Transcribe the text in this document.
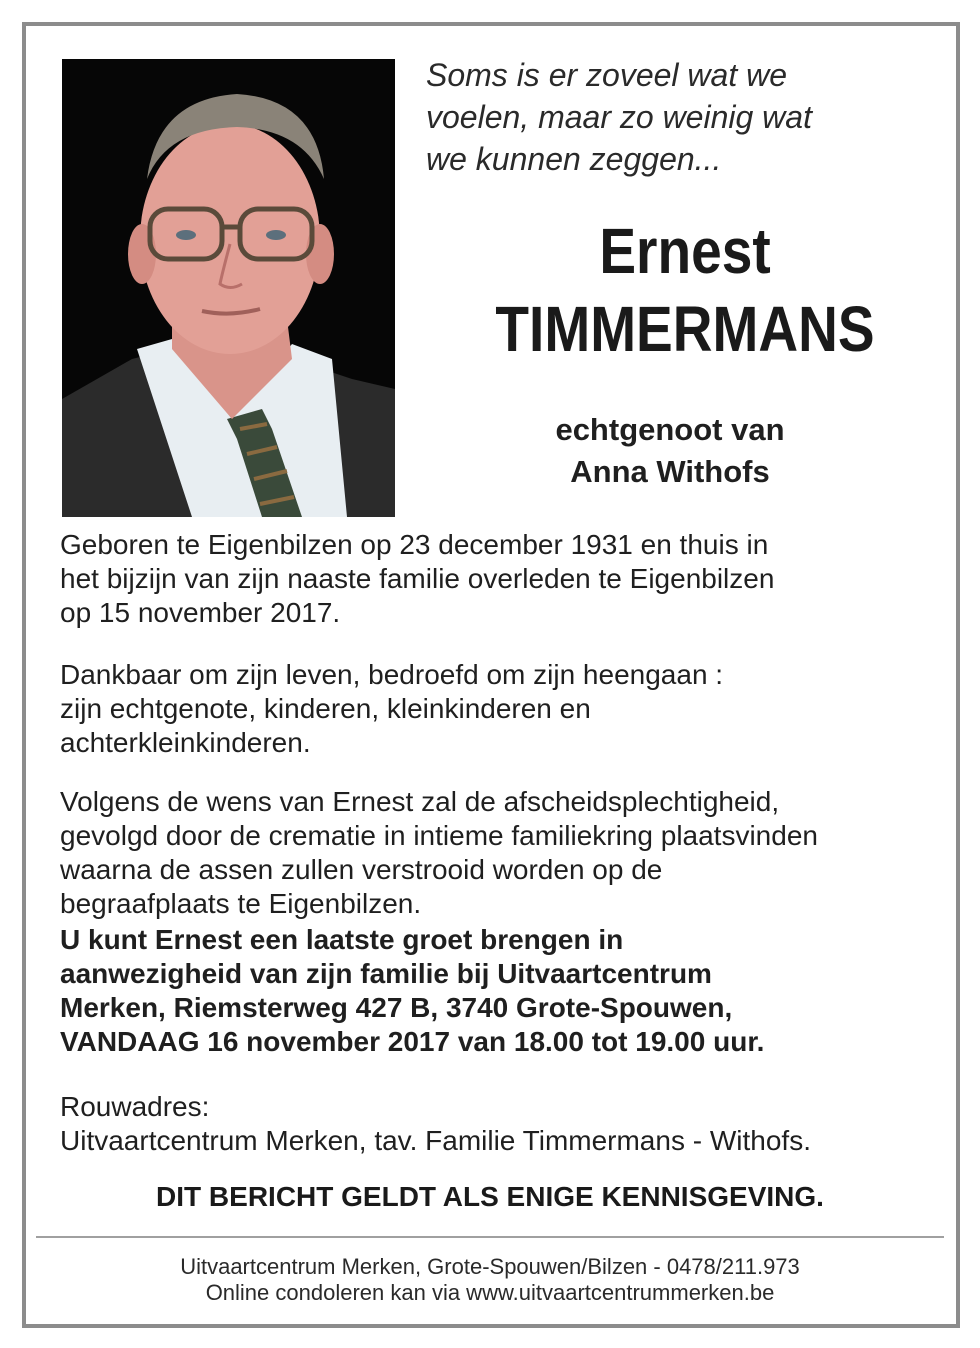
Soms is er zoveel wat we
voelen, maar zo weinig wat
we kunnen zeggen...
Ernest
TIMMERMANS
echtgenoot van
Anna Withofs
Geboren te Eigenbilzen op 23 december 1931 en thuis in
het bijzijn van zijn naaste familie overleden te Eigenbilzen
op 15 november 2017.
Dankbaar om zijn leven, bedroefd om zijn heengaan :
zijn echtgenote, kinderen, kleinkinderen en
achterkleinkinderen.
Volgens de wens van Ernest zal de afscheidsplechtigheid,
gevolgd door de crematie in intieme familiekring plaatsvinden
waarna de assen zullen verstrooid worden op de
begraafplaats te Eigenbilzen.
U kunt Ernest een laatste groet brengen in
aanwezigheid van zijn familie bij Uitvaartcentrum
Merken, Riemsterweg 427 B, 3740 Grote-Spouwen,
VANDAAG 16 november 2017 van 18.00 tot 19.00 uur.
Rouwadres:
Uitvaartcentrum Merken, tav. Familie Timmermans - Withofs.
DIT BERICHT GELDT ALS ENIGE KENNISGEVING.
Uitvaartcentrum Merken, Grote-Spouwen/Bilzen - 0478/211.973
Online condoleren kan via www.uitvaartcentrummerken.be
